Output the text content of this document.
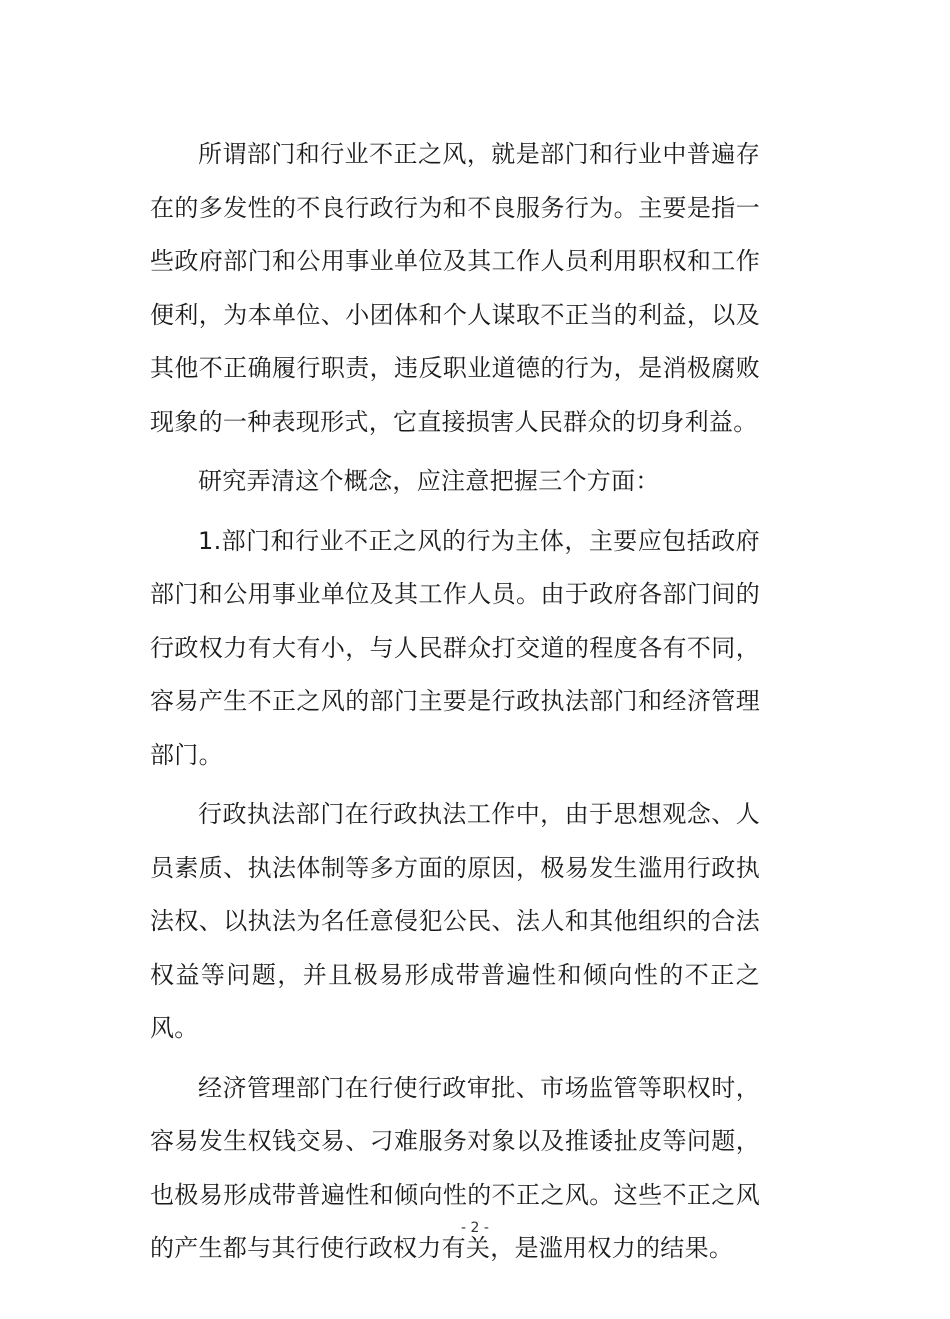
所谓部门和行业不正之风，就是部门和行业中普遍存在的多发性的不良行政行为和不良服务行为。主要是指一些政府部门和公用事业单位及其工作人员利用职权和工作便利，为本单位、小团体和个人谋取不正当的利益，以及其他不正确履行职责，违反职业道德的行为，是消极腐败现象的一种表现形式，它直接损害人民群众的切身利益。

研究弄清这个概念，应注意把握三个方面：

1.部门和行业不正之风的行为主体，主要应包括政府部门和公用事业单位及其工作人员。由于政府各部门间的行政权力有大有小，与人民群众打交道的程度各有不同，容易产生不正之风的部门主要是行政执法部门和经济管理部门。

行政执法部门在行政执法工作中，由于思想观念、人员素质、执法体制等多方面的原因，极易发生滥用行政执法权、以执法为名任意侵犯公民、法人和其他组织的合法权益等问题，并且极易形成带普遍性和倾向性的不正之风。

经济管理部门在行使行政审批、市场监管等职权时，容易发生权钱交易、刁难服务对象以及推诿扯皮等问题，也极易形成带普遍性和倾向性的不正之风。这些不正之风的产生都与其行使行政权力有关，是滥用权力的结果。

- 2 -
